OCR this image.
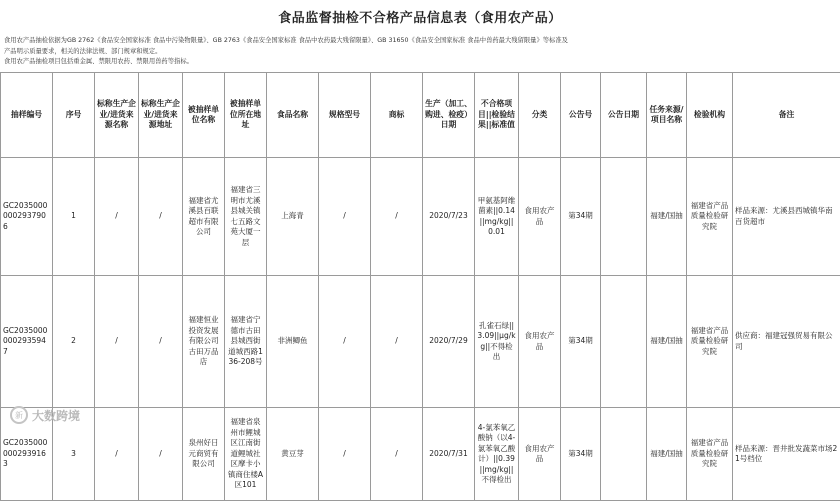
食品监督抽检不合格产品信息表（食用农产品）

食用农产品抽检依据为GB 2762《食品安全国家标准 食品中污染物限量》、GB 2763《食品安全国家标准 食品中农药最大残留限量》、GB 31650《食品安全国家标准 食品中兽药最大残留限量》等标准及

产品明示质量要求，相关的法律法规、部门规章和规定。

食用农产品抽检项目包括重金属、禁限用农药、禁限用兽药等指标。

抽样编号	序号	标称生产企业/进货来源名称	标称生产企业/进货来源地址	被抽样单位名称	被抽样单位所在地址	食品名称	规格型号	商标	生产（加工、购进、检疫）日期	不合格项目||检验结果||标准值	分类	公告号	公告日期	任务来源/项目名称	检验机构	备注
GC20350000002937906	1	/	/	福建省尤溪县百联超市有限公司	福建省三明市尤溪县城关镇七五路文苑大厦一层	上海青	/	/	2020/7/23	甲氨基阿维菌素||0.14||mg/kg||0.01	食用农产品	第34期		福建/国抽	福建省产品质量检验研究院	样品来源：尤溪县西城镇华南百货超市
GC20350000002935947	2	/	/	福建恒业投资发展有限公司古田万品店	福建省宁德市古田县城西街道城西路136-208号	非洲鲫鱼	/	/	2020/7/29	孔雀石绿||3.09||μg/kg||不得检出	食用农产品	第34期		福建/国抽	福建省产品质量检验研究院	供应商：福建冠强贸易有限公司
GC20350000002939163	3	/	/	泉州好日元商贸有限公司	福建省泉州市鲤城区江南街道鲤城社区摩卡小镇商住楼A区101	黄豆芽	/	/	2020/7/31	4-氯苯氧乙酸钠（以4-氯苯氧乙酸计）||0.39||mg/kg||不得检出	食用农产品	第34期		福建/国抽	福建省产品质量检验研究院	样品来源：晋井批发蔬菜市场21号档位
新 大数跨境
